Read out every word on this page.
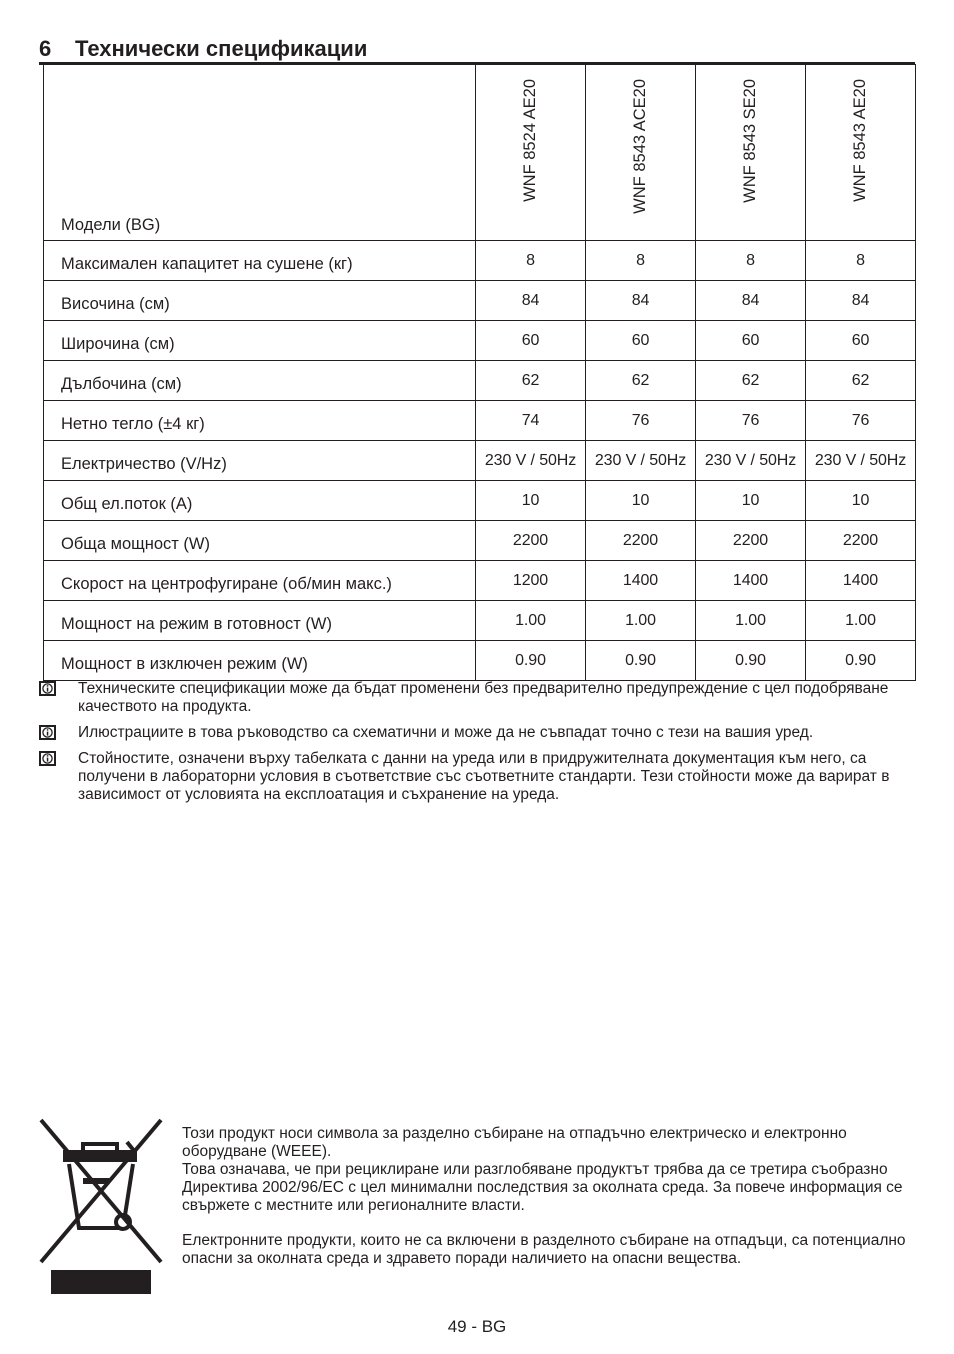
6 Технически спецификации
Модели (BG)	WNF 8524 AE20	WNF 8543 ACE20	WNF 8543 SE20	WNF 8543 AE20
Максимален капацитет на сушене (кг)	8	8	8	8
Височина (см)	84	84	84	84
Широчина (см)	60	60	60	60
Дълбочина (см)	62	62	62	62
Нетно тегло (±4 кг)	74	76	76	76
Електричество (V/Hz)	230 V / 50Hz	230 V / 50Hz	230 V / 50Hz	230 V / 50Hz
Общ ел.поток (A)	10	10	10	10
Обща мощност (W)	2200	2200	2200	2200
Скорост на центрофугиране (об/мин макс.)	1200	1400	1400	1400
Мощност на режим в готовност (W)	1.00	1.00	1.00	1.00
Мощност в изключен режим (W)	0.90	0.90	0.90	0.90
Техническите спецификации може да бъдат променени без предварително предупреждение с цел подобряване качеството на продукта.
Илюстрациите в това ръководство са схематични и може да не съвпадат точно с тези на вашия уред.
Стойностите, означени върху табелката с данни на уреда или в придружителната документация към него, са получени в лабораторни условия в съответствие със съответните стандарти. Тези стойности може да варират в зависимост от условията на експлоатация и съхранение на уреда.

Този продукт носи символа за разделно събиране на отпадъчно електрическо и електронно оборудване (WEEE).

Това означава, че при рециклиране или разглобяване продуктът трябва да се третира съобразно Директива 2002/96/ЕС с цел минимални последствия за околната среда. За повече информация се свържете с местните или регионалните власти.

Електронните продукти, които не са включени в разделното събиране на отпадъци, са потенциално опасни за околната среда и здравето поради наличието на опасни вещества.

49 - BG
